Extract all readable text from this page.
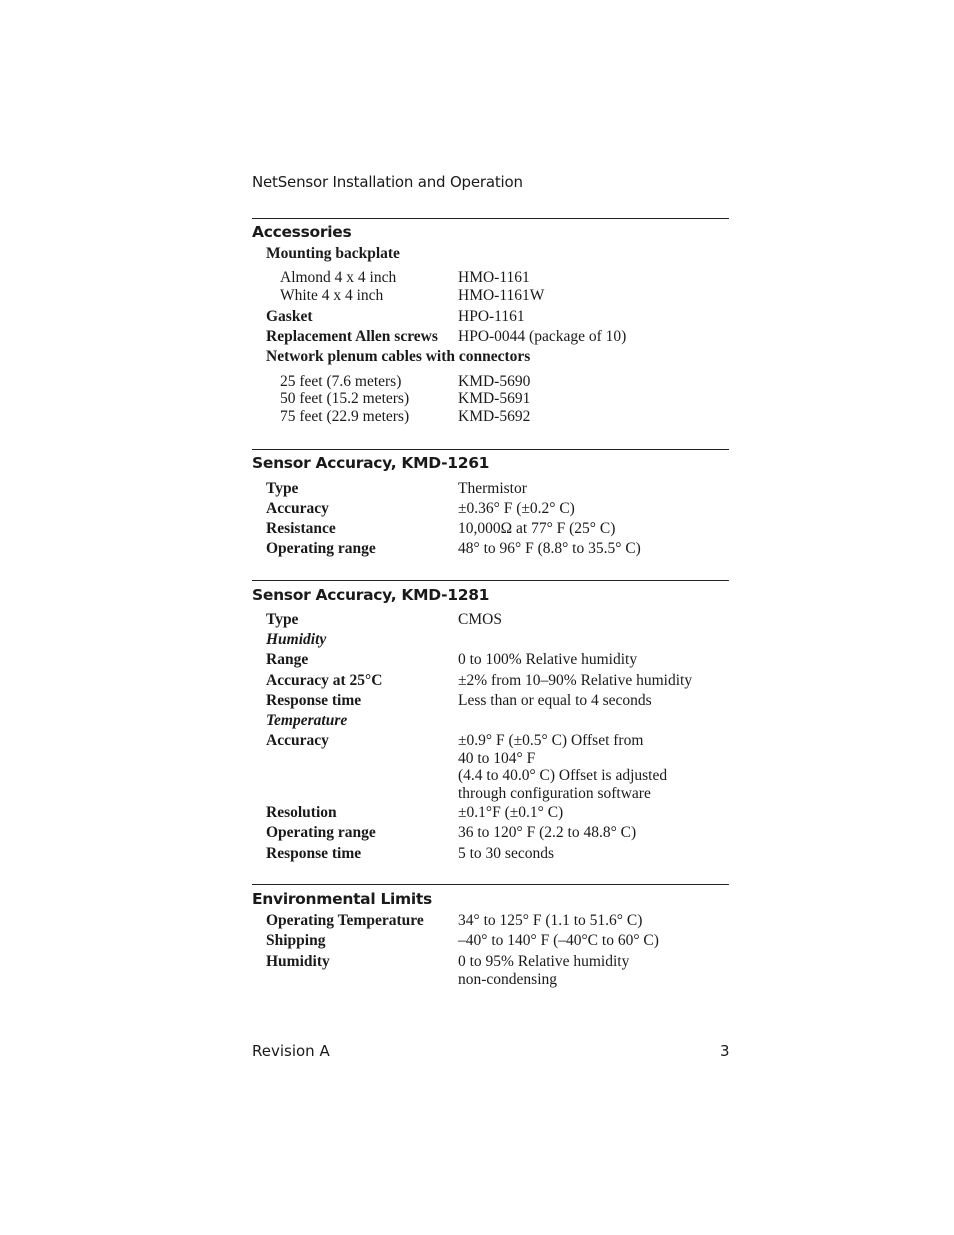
NetSensor Installation and Operation
Accessories
Mounting backplate
Almond 4 x 4 inch	HMO-1161
White 4 x 4 inch	HMO-1161W
Gasket	HPO-1161
Replacement Allen screws HPO-0044 (package of 10)
Network plenum cables with connectors
25 feet (7.6 meters)	KMD-5690
50 feet (15.2 meters)	KMD-5691
75 feet (22.9 meters)	KMD-5692
Sensor Accuracy, KMD-1261
Type	Thermistor
Accuracy	±0.36° F (±0.2° C)
Resistance	10,000Ω at 77° F (25° C)
Operating range	48° to 96° F (8.8° to 35.5° C)
Sensor Accuracy, KMD-1281
Type	CMOS
Humidity
Range	0 to 100% Relative humidity
Accuracy at 25°C	±2% from 10–90% Relative humidity
Response time	Less than or equal to 4 seconds
Temperature
Accuracy	±0.9° F (±0.5° C) Offset from
40 to 104° F
(4.4 to 40.0° C) Offset is adjusted
through configuration software
Resolution	±0.1°F (±0.1° C)
Operating range	36 to 120° F (2.2 to 48.8° C)
Response time	5 to 30 seconds
Environmental Limits
Operating Temperature 34° to 125° F (1.1 to 51.6° C)
Shipping	–40° to 140° F (–40°C to 60° C)
Humidity	0 to 95% Relative humidity
non-condensing
Revision A	3
